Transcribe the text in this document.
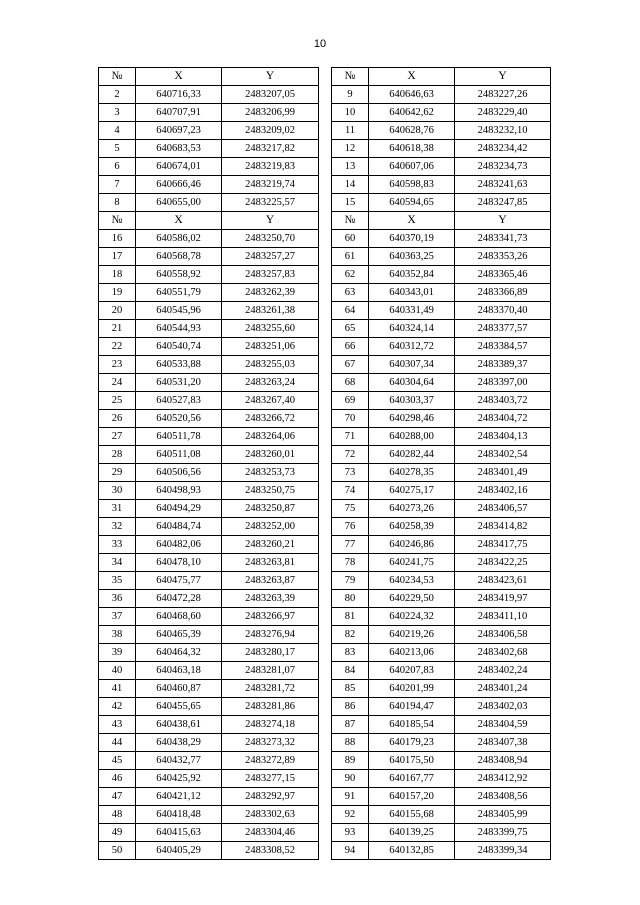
10
№	X	Y
2	640716,33	2483207,05
3	640707,91	2483206,99
4	640697,23	2483209,02
5	640683,53	2483217,82
6	640674,01	2483219,83
7	640666,46	2483219,74
8	640655,00	2483225,57
№	X	Y
16	640586,02	2483250,70
17	640568,78	2483257,27
18	640558,92	2483257,83
19	640551,79	2483262,39
20	640545,96	2483261,38
21	640544,93	2483255,60
22	640540,74	2483251,06
23	640533,88	2483255,03
24	640531,20	2483263,24
25	640527,83	2483267,40
26	640520,56	2483266,72
27	640511,78	2483264,06
28	640511,08	2483260,01
29	640506,56	2483253,73
30	640498,93	2483250,75
31	640494,29	2483250,87
32	640484,74	2483252,00
33	640482,06	2483260,21
34	640478,10	2483263,81
35	640475,77	2483263,87
36	640472,28	2483263,39
37	640468,60	2483266,97
38	640465,39	2483276,94
39	640464,32	2483280,17
40	640463,18	2483281,07
41	640460,87	2483281,72
42	640455,65	2483281,86
43	640438,61	2483274,18
44	640438,29	2483273,32
45	640432,77	2483272,89
46	640425,92	2483277,15
47	640421,12	2483292,97
48	640418,48	2483302,63
49	640415,63	2483304,46
50	640405,29	2483308,52
№	X	Y
9	640646,63	2483227,26
10	640642,62	2483229,40
11	640628,76	2483232,10
12	640618,38	2483234,42
13	640607,06	2483234,73
14	640598,83	2483241,63
15	640594,65	2483247,85
№	X	Y
60	640370,19	2483341,73
61	640363,25	2483353,26
62	640352,84	2483365,46
63	640343,01	2483366,89
64	640331,49	2483370,40
65	640324,14	2483377,57
66	640312,72	2483384,57
67	640307,34	2483389,37
68	640304,64	2483397,00
69	640303,37	2483403,72
70	640298,46	2483404,72
71	640288,00	2483404,13
72	640282,44	2483402,54
73	640278,35	2483401,49
74	640275,17	2483402,16
75	640273,26	2483406,57
76	640258,39	2483414,82
77	640246,86	2483417,75
78	640241,75	2483422,25
79	640234,53	2483423,61
80	640229,50	2483419,97
81	640224,32	2483411,10
82	640219,26	2483406,58
83	640213,06	2483402,68
84	640207,83	2483402,24
85	640201,99	2483401,24
86	640194,47	2483402,03
87	640185,54	2483404,59
88	640179,23	2483407,38
89	640175,50	2483408,94
90	640167,77	2483412,92
91	640157,20	2483408,56
92	640155,68	2483405,99
93	640139,25	2483399,75
94	640132,85	2483399,34
